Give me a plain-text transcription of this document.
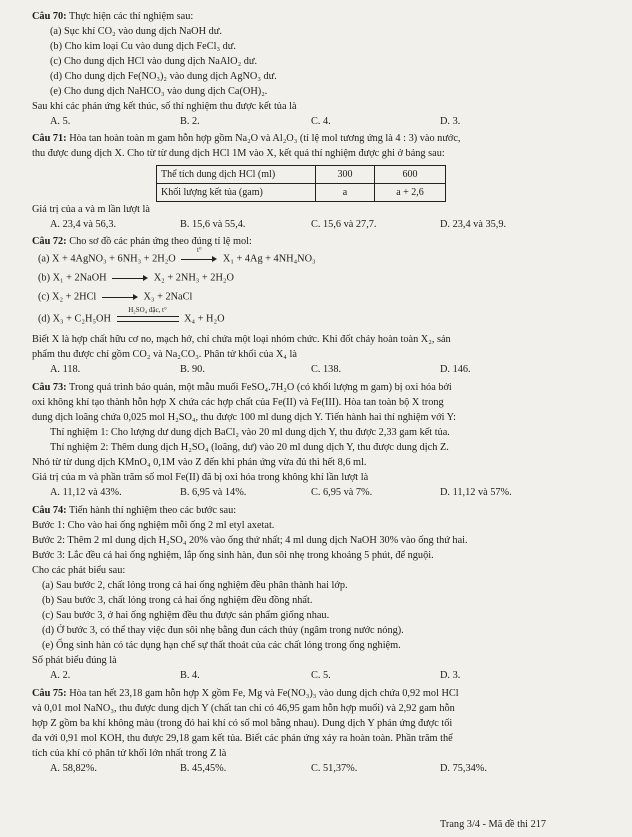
Câu 70: Thực hiện các thí nghiệm sau:
(a) Sục khí CO₂ vào dung dịch NaOH dư.
(b) Cho kim loại Cu vào dung dịch FeCl₃ dư.
(c) Cho dung dịch HCl vào dung dịch NaAlO₂ dư.
(d) Cho dung dịch Fe(NO₃)₂ vào dung dịch AgNO₃ dư.
(e) Cho dung dịch NaHCO₃ vào dung dịch Ca(OH)₂.
Sau khi các phản ứng kết thúc, số thí nghiệm thu được kết tủa là
A. 5.	B. 2.	C. 4.	D. 3.
Câu 71: Hòa tan hoàn toàn m gam hỗn hợp gồm Na₂O và Al₂O₃ (tỉ lệ mol tương ứng là 4 : 3) vào nước,
thu được dung dịch X. Cho từ từ dung dịch HCl 1M vào X, kết quả thí nghiệm được ghi ở bảng sau:
Thể tích dung dịch HCl (ml)	300	600
Khối lượng kết tủa (gam)	a	a + 2,6
Giá trị của a và m lần lượt là
A. 23,4 và 56,3.	B. 15,6 và 55,4.	C. 15,6 và 27,7.	D. 23,4 và 35,9.
Câu 72: Cho sơ đồ các phản ứng theo đúng tỉ lệ mol:
(a) X + 4AgNO₃ + 6NH₃ + 2H₂O
t°
X₁ + 4Ag + 4NH₄NO₃
(b) X₁ + 2NaOH	X₂ + 2NH₃ + 2H₂O
(c) X₂ + 2HCl	X₃ + 2NaCl
(d) X₃ + C₂H₅OH
H₂SO₄ đặc, t°
X₄ + H₂O
Biết X là hợp chất hữu cơ no, mạch hở, chỉ chứa một loại nhóm chức. Khi đốt cháy hoàn toàn X₂, sản
phẩm thu được chỉ gồm CO₂ và Na₂CO₃. Phân tử khối của X₄ là
A. 118.	B. 90.	C. 138.	D. 146.
Câu 73: Trong quá trình bảo quản, một mẫu muối FeSO₄.7H₂O (có khối lượng m gam) bị oxi hóa bởi
oxi không khí tạo thành hỗn hợp X chứa các hợp chất của Fe(II) và Fe(III). Hòa tan toàn bộ X trong
dung dịch loãng chứa 0,025 mol H₂SO₄, thu được 100 ml dung dịch Y. Tiến hành hai thí nghiệm với Y:
Thí nghiệm 1: Cho lượng dư dung dịch BaCl₂ vào 20 ml dung dịch Y, thu được 2,33 gam kết tủa.
Thí nghiệm 2: Thêm dung dịch H₂SO₄ (loãng, dư) vào 20 ml dung dịch Y, thu được dung dịch Z.
Nhỏ từ từ dung dịch KMnO₄ 0,1M vào Z đến khi phản ứng vừa đủ thì hết 8,6 ml.
Giá trị của m và phần trăm số mol Fe(II) đã bị oxi hóa trong không khí lần lượt là
A. 11,12 và 43%.	B. 6,95 và 14%.	C. 6,95 và 7%.	D. 11,12 và 57%.
Câu 74: Tiến hành thí nghiệm theo các bước sau:
Bước 1: Cho vào hai ống nghiệm mỗi ống 2 ml etyl axetat.
Bước 2: Thêm 2 ml dung dịch H₂SO₄ 20% vào ống thứ nhất; 4 ml dung dịch NaOH 30% vào ống thứ hai.
Bước 3: Lắc đều cả hai ống nghiệm, lắp ống sinh hàn, đun sôi nhẹ trong khoảng 5 phút, để nguội.
Cho các phát biểu sau:
(a) Sau bước 2, chất lỏng trong cả hai ống nghiệm đều phân thành hai lớp.
(b) Sau bước 3, chất lỏng trong cả hai ống nghiệm đều đồng nhất.
(c) Sau bước 3, ở hai ống nghiệm đều thu được sản phẩm giống nhau.
(d) Ở bước 3, có thể thay việc đun sôi nhẹ bằng đun cách thủy (ngâm trong nước nóng).
(e) Ống sinh hàn có tác dụng hạn chế sự thất thoát của các chất lỏng trong ống nghiệm.
Số phát biểu đúng là
A. 2.	B. 4.	C. 5.	D. 3.
Câu 75: Hòa tan hết 23,18 gam hỗn hợp X gồm Fe, Mg và Fe(NO₃)₃ vào dung dịch chứa 0,92 mol HCl
và 0,01 mol NaNO₃, thu được dung dịch Y (chất tan chỉ có 46,95 gam hỗn hợp muối) và 2,92 gam hỗn
hợp Z gồm ba khí không màu (trong đó hai khí có số mol bằng nhau). Dung dịch Y phản ứng được tối
đa với 0,91 mol KOH, thu được 29,18 gam kết tủa. Biết các phản ứng xảy ra hoàn toàn. Phần trăm thể
tích của khí có phân tử khối lớn nhất trong Z là
A. 58,82%.	B. 45,45%.	C. 51,37%.	D. 75,34%.
Trang 3/4 - Mã đề thi 217
